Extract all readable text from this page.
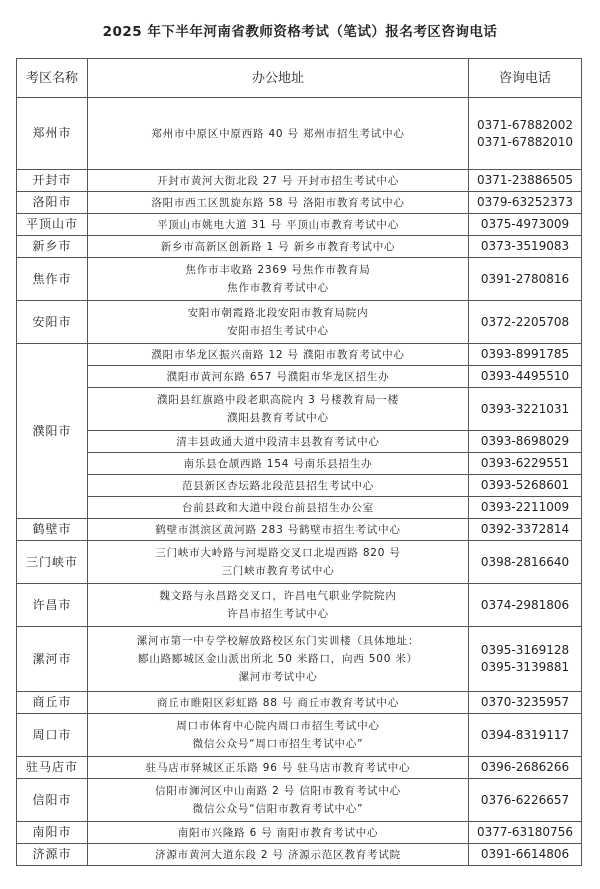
2025 年下半年河南省教师资格考试（笔试）报名考区咨询电话
考区名称	办公地址	咨询电话
郑州市	郑州市中原区中原西路 40 号 郑州市招生考试中心	0371-67882002
0371-67882010

开封市	开封市黄河大街北段 27 号 开封市招生考试中心	0371-23886505

洛阳市	洛阳市西工区凯旋东路 58 号 洛阳市教育考试中心	0379-63252373

平顶山市	平顶山市姚电大道 31 号 平顶山市教育考试中心	0375-4973009

新乡市	新乡市高新区创新路 1 号 新乡市教育考试中心	0373-3519083

焦作市	焦作市丰收路 2369 号焦作市教育局
焦作市教育考试中心	0391-2780816

安阳市	安阳市朝霞路北段安阳市教育局院内
安阳市招生考试中心	0372-2205708

濮阳市	濮阳市华龙区振兴南路 12 号 濮阳市教育考试中心	0393-8991785

	濮阳市黄河东路 657 号濮阳市华龙区招生办	0393-4495510

	濮阳县红旗路中段老职高院内 3 号楼教育局一楼
濮阳县教育考试中心	0393-3221031

	清丰县政通大道中段清丰县教育考试中心	0393-8698029

	南乐县仓颉西路 154 号南乐县招生办	0393-6229551

	范县新区杏坛路北段范县招生考试中心	0393-5268601

	台前县政和大道中段台前县招生办公室	0393-2211009

鹤壁市	鹤壁市淇滨区黄河路 283 号鹤壁市招生考试中心	0392-3372814

三门峡市	三门峡市大岭路与河堤路交叉口北堤西路 820 号
三门峡市教育考试中心	0398-2816640

许昌市	魏文路与永昌路交叉口，许昌电气职业学院院内
许昌市招生考试中心	0374-2981806

漯河市	漯河市第一中专学校解放路校区东门实训楼（具体地址：
郾山路郾城区金山派出所北 50 米路口，向西 500 米）
漯河市考试中心	0395-3169128
0395-3139881

商丘市	商丘市睢阳区彩虹路 88 号 商丘市教育考试中心	0370-3235957

周口市	周口市体育中心院内周口市招生考试中心
微信公众号“周口市招生考试中心”	0394-8319117

驻马店市	驻马店市驿城区正乐路 96 号 驻马店市教育考试中心	0396-2686266

信阳市	信阳市浉河区中山南路 2 号 信阳市教育考试中心
微信公众号“信阳市教育考试中心”	0376-6226657

南阳市	南阳市兴隆路 6 号 南阳市教育考试中心	0377-63180756

济源市	济源市黄河大道东段 2 号 济源示范区教育考试院	0391-6614806
